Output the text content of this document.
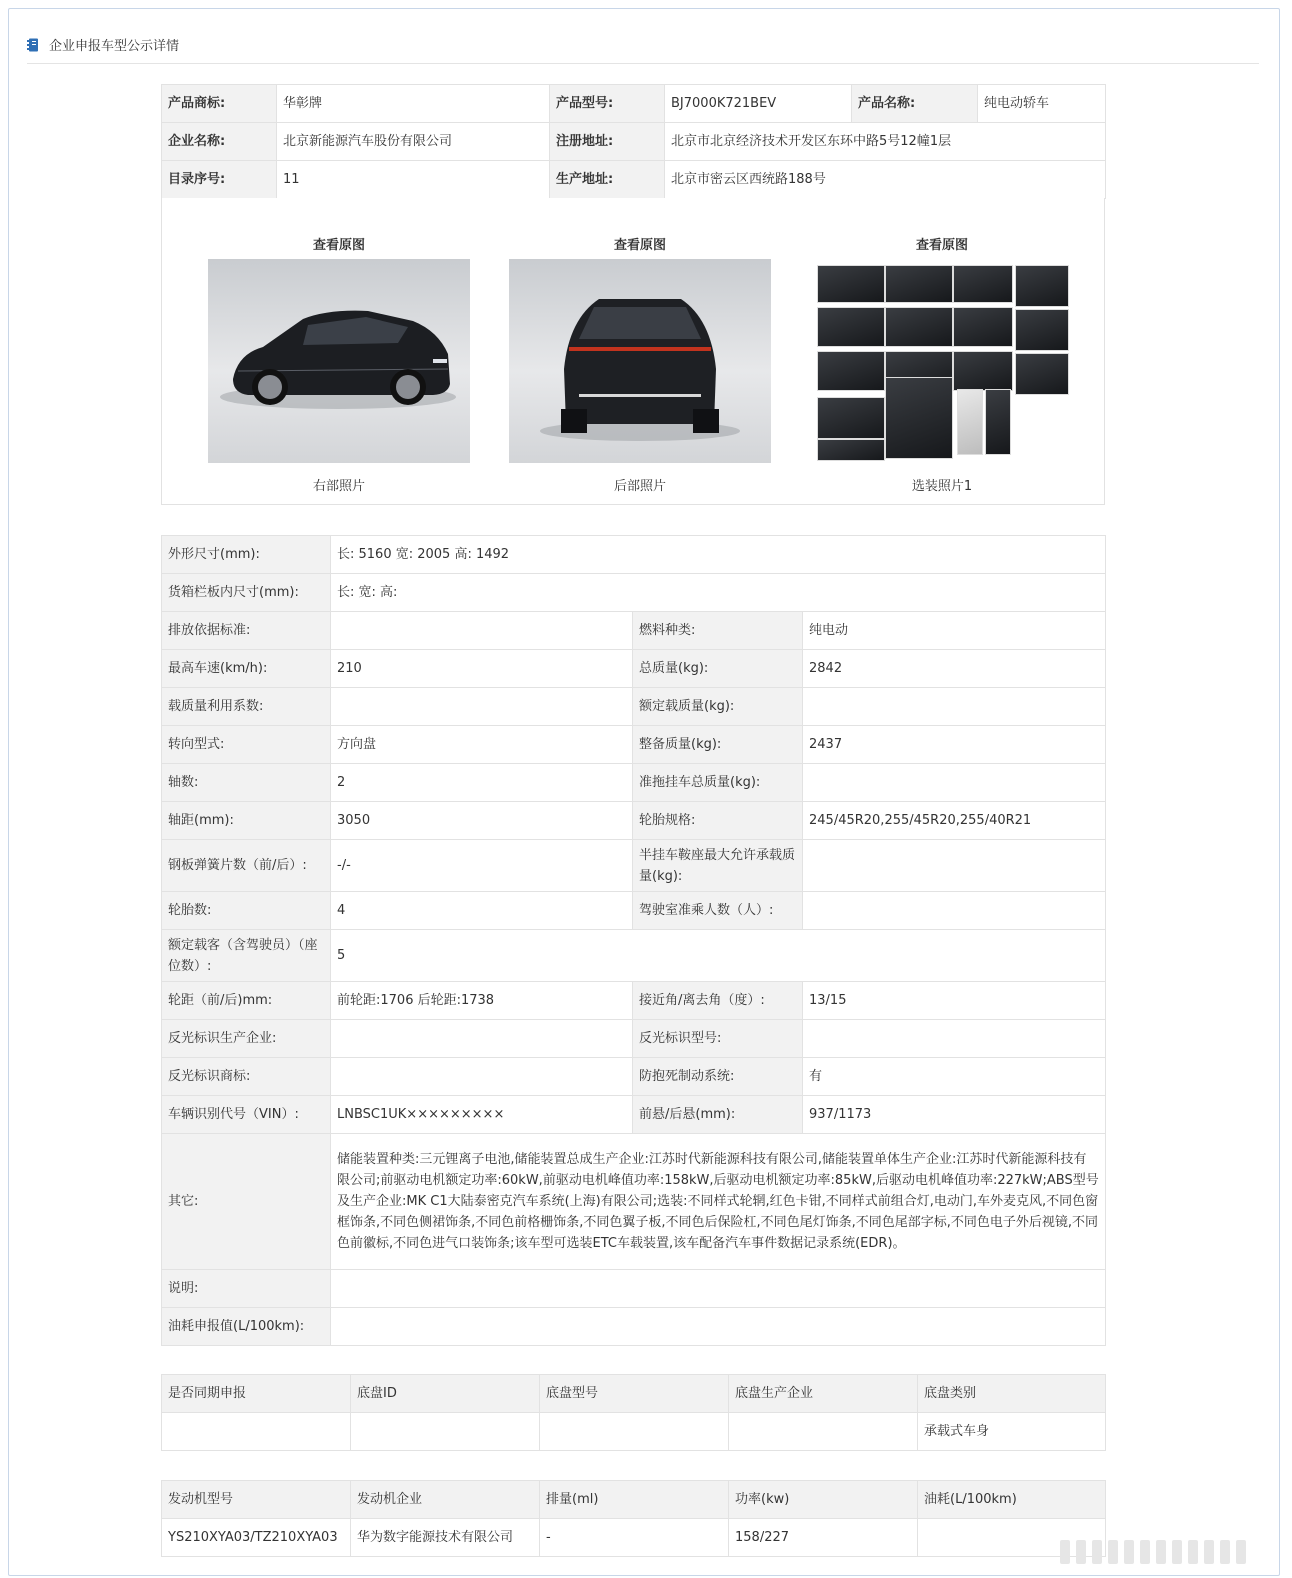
企业申报车型公示详情
产品商标:	华彰牌	产品型号:	BJ7000K721BEV	产品名称:	纯电动轿车
企业名称:	北京新能源汽车股份有限公司	注册地址:	北京市北京经济技术开发区东环中路5号12幢1层		
目录序号:	11	生产地址:	北京市密云区西统路188号		
查看原图
右部照片
查看原图
后部照片
查看原图
选装照片1
外形尺寸(mm):	长: 5160 宽: 2005 高: 1492		
货箱栏板内尺寸(mm):	长: 宽: 高:		
排放依据标准:		燃料种类:	纯电动
最高车速(km/h):	210	总质量(kg):	2842
载质量利用系数:		额定载质量(kg):	
转向型式:	方向盘	整备质量(kg):	2437
轴数:	2	准拖挂车总质量(kg):	
轴距(mm):	3050	轮胎规格:	245/45R20,255/45R20,255/40R21
钢板弹簧片数（前/后）:	-/-	半挂车鞍座最大允许承载质量(kg):	
轮胎数:	4	驾驶室准乘人数（人）:	
额定载客（含驾驶员）（座位数）:	5		
轮距（前/后)mm:	前轮距:1706 后轮距:1738	接近角/离去角（度）:	13/15
反光标识生产企业:		反光标识型号:	
反光标识商标:		防抱死制动系统:	有
车辆识别代号（VIN）:	LNBSC1UK×××××××××	前悬/后悬(mm):	937/1173
其它:	储能装置种类:三元锂离子电池,储能装置总成生产企业:江苏时代新能源科技有限公司,储能装置单体生产企业:江苏时代新能源科技有限公司;前驱动电机额定功率:60kW,前驱动电机峰值功率:158kW,后驱动电机额定功率:85kW,后驱动电机峰值功率:227kW;ABS型号及生产企业:MK C1大陆泰密克汽车系统(上海)有限公司;选装:不同样式轮辋,红色卡钳,不同样式前组合灯,电动门,车外麦克风,不同色窗框饰条,不同色侧裙饰条,不同色前格栅饰条,不同色翼子板,不同色后保险杠,不同色尾灯饰条,不同色尾部字标,不同色电子外后视镜,不同色前徽标,不同色进气口装饰条;该车型可选装ETC车载装置,该车配备汽车事件数据记录系统(EDR)。		
说明:			
油耗申报值(L/100km):			
是否同期申报	底盘ID	底盘型号	底盘生产企业	底盘类别
				承载式车身
发动机型号	发动机企业	排量(ml)	功率(kw)	油耗(L/100km)
YS210XYA03/TZ210XYA03	华为数字能源技术有限公司	-	158/227	
